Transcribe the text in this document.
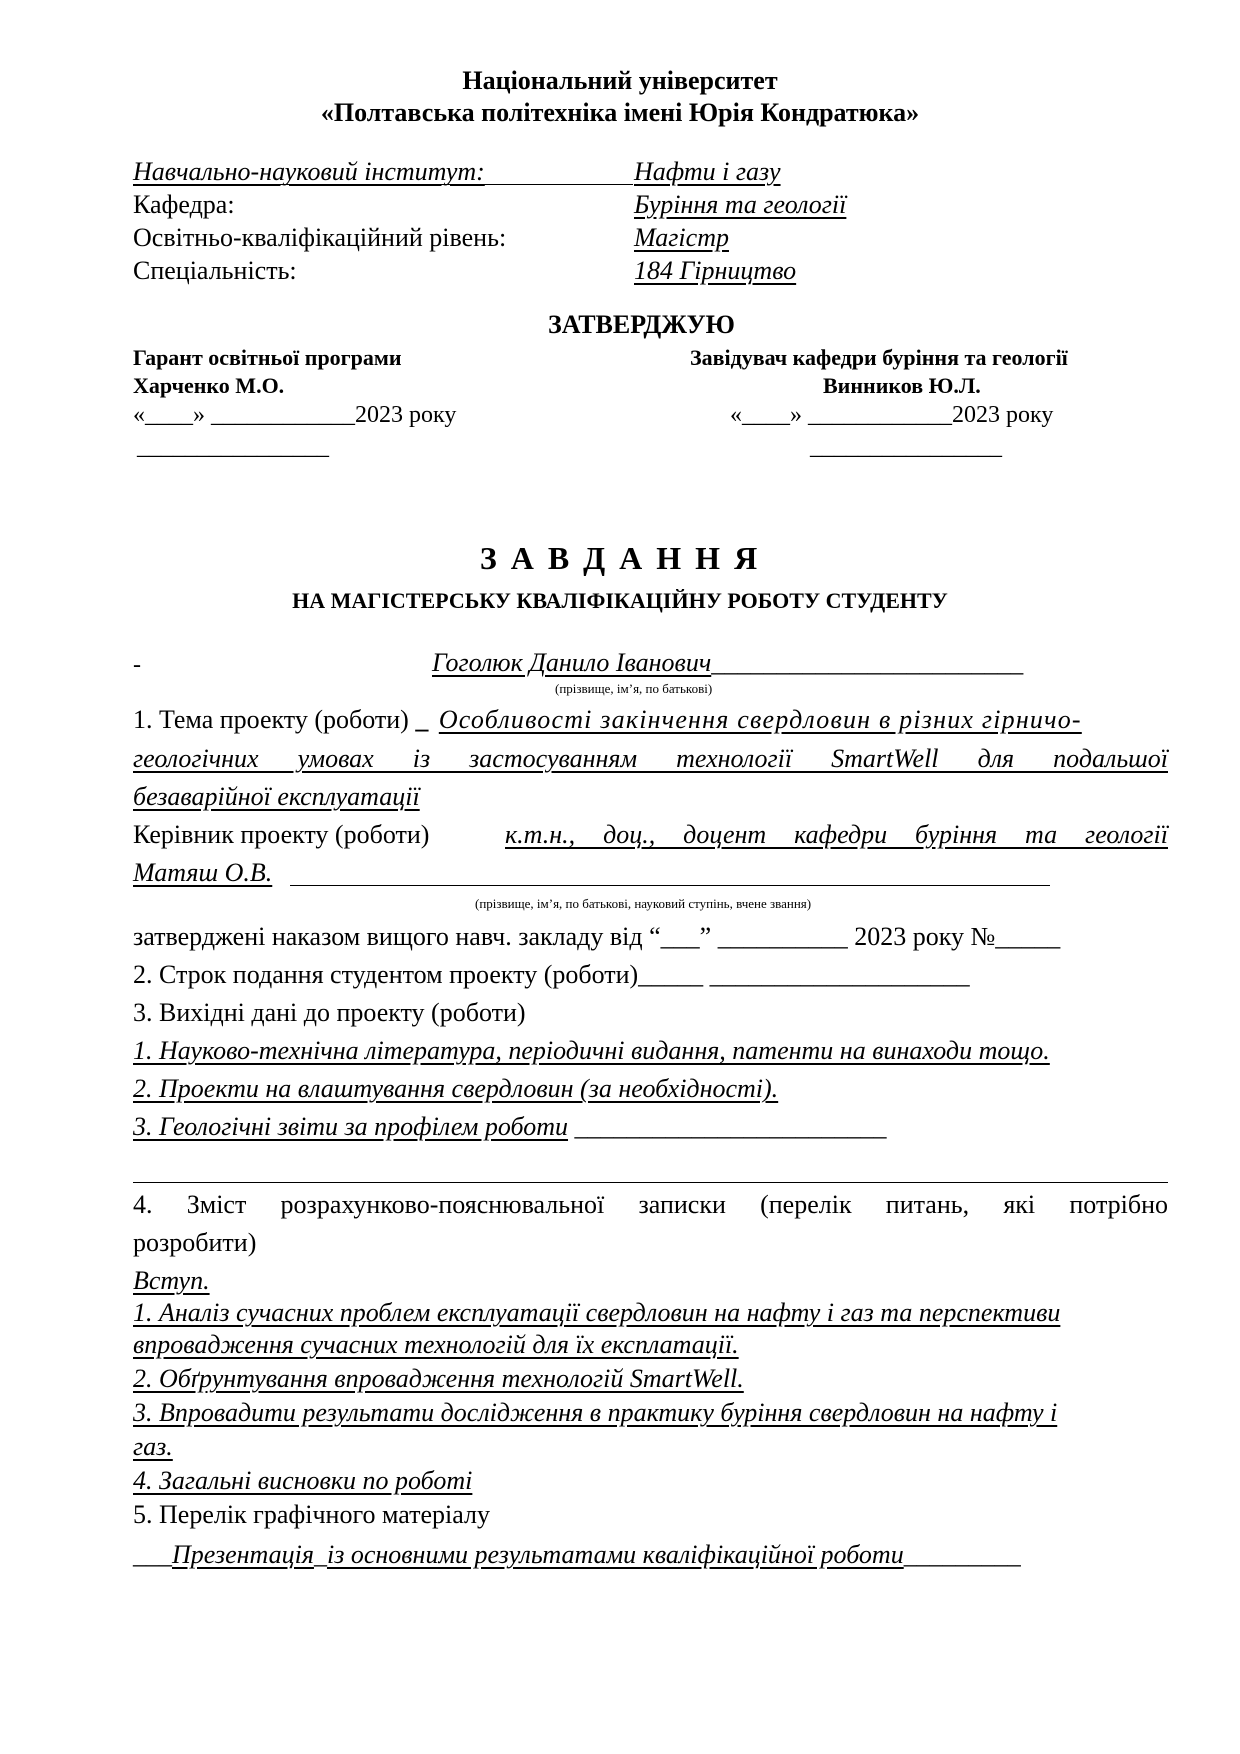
Національний університет
«Полтавська політехніка імені Юрія Кондратюка»
Навчально-науковий інститут:	Нафти і газу
Кафедра:	Буріння та геології
Освітньо-кваліфікаційний рівень:	Магістр
Спеціальність:	184 Гірництво
ЗАТВЕРДЖУЮ
Гарант освітньої програми
Харченко М.О.
«____» ____________2023 року
________________
Завідувач кафедри буріння та геології
Винников Ю.Л.
«____» ____________2023 року
________________
З А В Д А Н Н Я
НА МАГІСТЕРСЬКУ КВАЛІФІКАЦІЙНУ РОБОТУ СТУДЕНТУ
-	Гоголюк Данило Іванович________________________
(прізвище, ім’я, по батькові)
1. Тема проекту (роботи) _ Особливості закінчення свердловин в різних гірничо-
геологічних умовах із застосуванням технології SmartWell для подальшої
безаварійної експлуатації
Керівник проекту (роботи)	к.т.н., доц., доцент кафедри буріння та геології
Матяш О.В.
(прізвище, ім’я, по батькові, науковий ступінь, вчене звання)
затверджені наказом вищого навч. закладу від “___” __________ 2023 року №_____
2. Строк подання студентом проекту (роботи)_____ ____________________
3. Вихідні дані до проекту (роботи)
1. Науково-технічна література, періодичні видання, патенти на винаходи тощо.
2. Проекти на влаштування свердловин (за необхідності).
3. Геологічні звіти за профілем роботи ________________________
4. Зміст розрахунково-пояснювальної записки (перелік питань, які потрібно
розробити)
Вступ.
1. Аналіз сучасних проблем експлуатації свердловин на нафту і газ та перспективи
впровадження сучасних технологій для їх експлатації.
2. Обґрунтування впровадження технологій SmartWell.
3. Впровадити результати дослідження в практику буріння свердловин на нафту і
газ.
4. Загальні висновки по роботі
5. Перелік графічного матеріалу
___Презентація_із основними результатами кваліфікаційної роботи_________
